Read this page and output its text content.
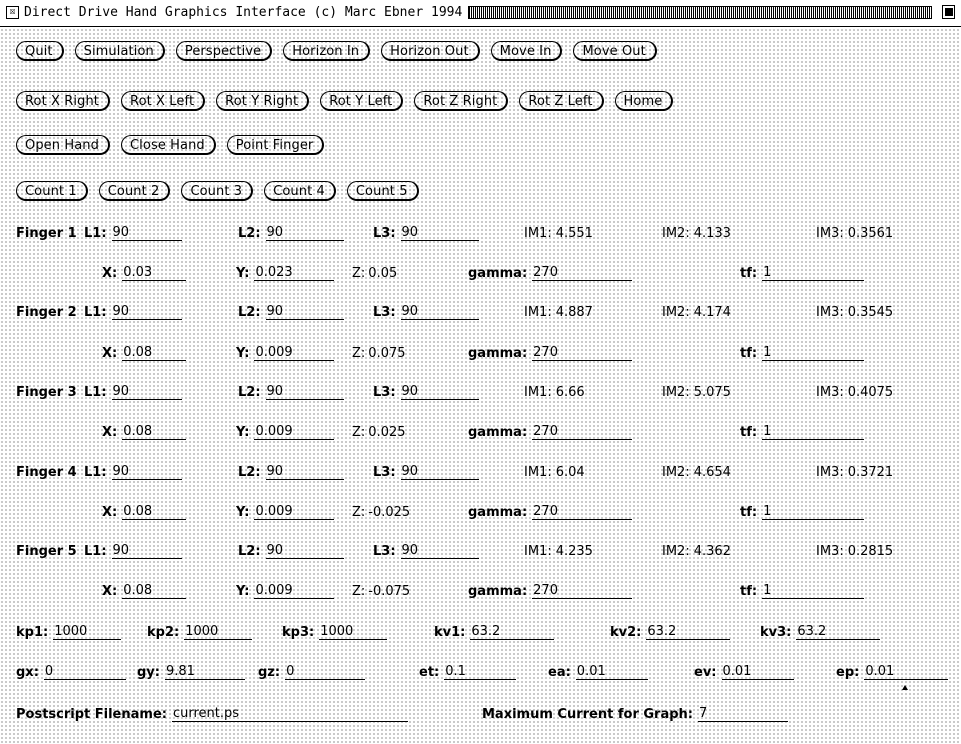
☒ Direct Drive Hand Graphics Interface (c) Marc Ebner 1994
Quit	Simulation	Perspective	Horizon In	Horizon Out	Move In	Move Out
Rot X Right	Rot X Left	Rot Y Right	Rot Y Left	Rot Z Right	Rot Z Left	Home
Open Hand	Close Hand	Point Finger
Count 1	Count 2	Count 3	Count 4	Count 5
Finger 1 L1: 90	L2: 90	L3: 90	IM1: 4.551	IM2: 4.133	IM3: 0.3561
X: 0.03	Y: 0.023	Z: 0.05	gamma: 270	tf: 1
Finger 2 L1: 90	L2: 90	L3: 90	IM1: 4.887	IM2: 4.174	IM3: 0.3545
X: 0.08	Y: 0.009	Z: 0.075	gamma: 270	tf: 1
Finger 3 L1: 90	L2: 90	L3: 90	IM1: 6.66	IM2: 5.075	IM3: 0.4075
X: 0.08	Y: 0.009	Z: 0.025	gamma: 270	tf: 1
Finger 4 L1: 90	L2: 90	L3: 90	IM1: 6.04	IM2: 4.654	IM3: 0.3721
X: 0.08	Y: 0.009	Z: -0.025	gamma: 270	tf: 1
Finger 5 L1: 90	L2: 90	L3: 90	IM1: 4.235	IM2: 4.362	IM3: 0.2815
X: 0.08	Y: 0.009	Z: -0.075	gamma: 270	tf: 1
kp1: 1000	kp2: 1000	kp3: 1000	kv1: 63.2	kv2: 63.2	kv3: 63.2
gx: 0	gy: 9.81	gz: 0	et: 0.1	ea: 0.01	ev: 0.01	ep: 0.01
Postscript Filename: current.ps	Maximum Current for Graph: 7
